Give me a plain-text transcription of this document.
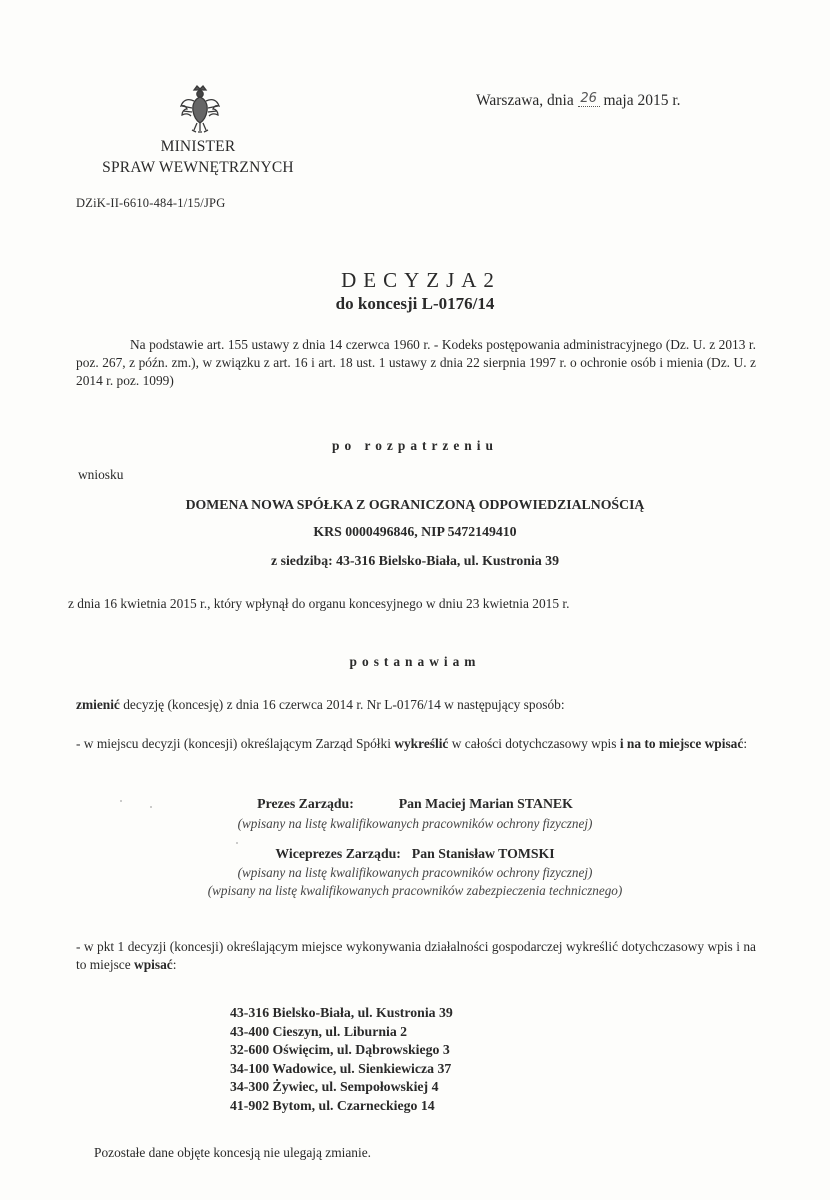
MINISTER
SPRAW WEWNĘTRZNYCH
Warszawa, dnia 26 maja 2015 r.
DZiK-II-6610-484-1/15/JPG
DECYZJA2
do koncesji L-0176/14
Na podstawie art. 155 ustawy z dnia 14 czerwca 1960 r. - Kodeks postępowania administracyjnego (Dz. U. z 2013 r. poz. 267, z późn. zm.), w związku z art. 16 i art. 18 ust. 1 ustawy z dnia 22 sierpnia 1997 r. o ochronie osób i mienia (Dz. U. z 2014 r. poz. 1099)
po rozpatrzeniu
wniosku
DOMENA NOWA SPÓŁKA Z OGRANICZONĄ ODPOWIEDZIALNOŚCIĄ
KRS 0000496846, NIP 5472149410
z siedzibą: 43-316 Bielsko-Biała, ul. Kustronia 39
z dnia 16 kwietnia 2015 r., który wpłynął do organu koncesyjnego w dniu 23 kwietnia 2015 r.
postanawiam
zmienić decyzję (koncesję) z dnia 16 czerwca 2014 r. Nr L-0176/14 w następujący sposób:
- w miejscu decyzji (koncesji) określającym Zarząd Spółki wykreślić w całości dotychczasowy wpis i na to miejsce wpisać:
Prezes Zarządu:	Pan Maciej Marian STANEK
(wpisany na listę kwalifikowanych pracowników ochrony fizycznej)
Wiceprezes Zarządu: Pan Stanisław TOMSKI
(wpisany na listę kwalifikowanych pracowników ochrony fizycznej)
(wpisany na listę kwalifikowanych pracowników zabezpieczenia technicznego)
- w pkt 1 decyzji (koncesji) określającym miejsce wykonywania działalności gospodarczej wykreślić dotychczasowy wpis i na to miejsce wpisać:
43-316 Bielsko-Biała, ul. Kustronia 39
43-400 Cieszyn, ul. Liburnia 2
32-600 Oświęcim, ul. Dąbrowskiego 3
34-100 Wadowice, ul. Sienkiewicza 37
34-300 Żywiec, ul. Sempołowskiej 4
41-902 Bytom, ul. Czarneckiego 14
Pozostałe dane objęte koncesją nie ulegają zmianie.
